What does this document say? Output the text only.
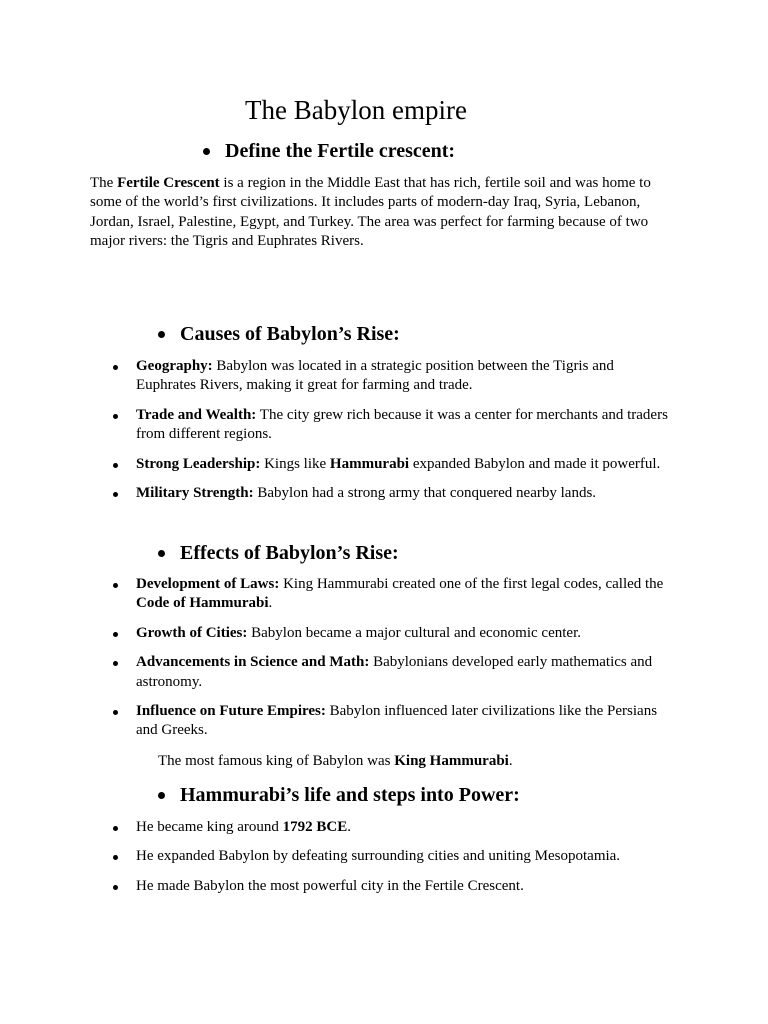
The Babylon empire
Define the Fertile crescent:

The Fertile Crescent is a region in the Middle East that has rich, fertile soil and was home to some of the world’s first civilizations. It includes parts of modern-day Iraq, Syria, Lebanon, Jordan, Israel, Palestine, Egypt, and Turkey. The area was perfect for farming because of two major rivers: the Tigris and Euphrates Rivers.

Causes of Babylon’s Rise:
Geography: Babylon was located in a strategic position between the Tigris and Euphrates Rivers, making it great for farming and trade.
Trade and Wealth: The city grew rich because it was a center for merchants and traders from different regions.
Strong Leadership: Kings like Hammurabi expanded Babylon and made it powerful.
Military Strength: Babylon had a strong army that conquered nearby lands.
Effects of Babylon’s Rise:
Development of Laws: King Hammurabi created one of the first legal codes, called the Code of Hammurabi.
Growth of Cities: Babylon became a major cultural and economic center.
Advancements in Science and Math: Babylonians developed early mathematics and astronomy.
Influence on Future Empires: Babylon influenced later civilizations like the Persians and Greeks.

The most famous king of Babylon was King Hammurabi.

Hammurabi’s life and steps into Power:
He became king around 1792 BCE.
He expanded Babylon by defeating surrounding cities and uniting Mesopotamia.
He made Babylon the most powerful city in the Fertile Crescent.
